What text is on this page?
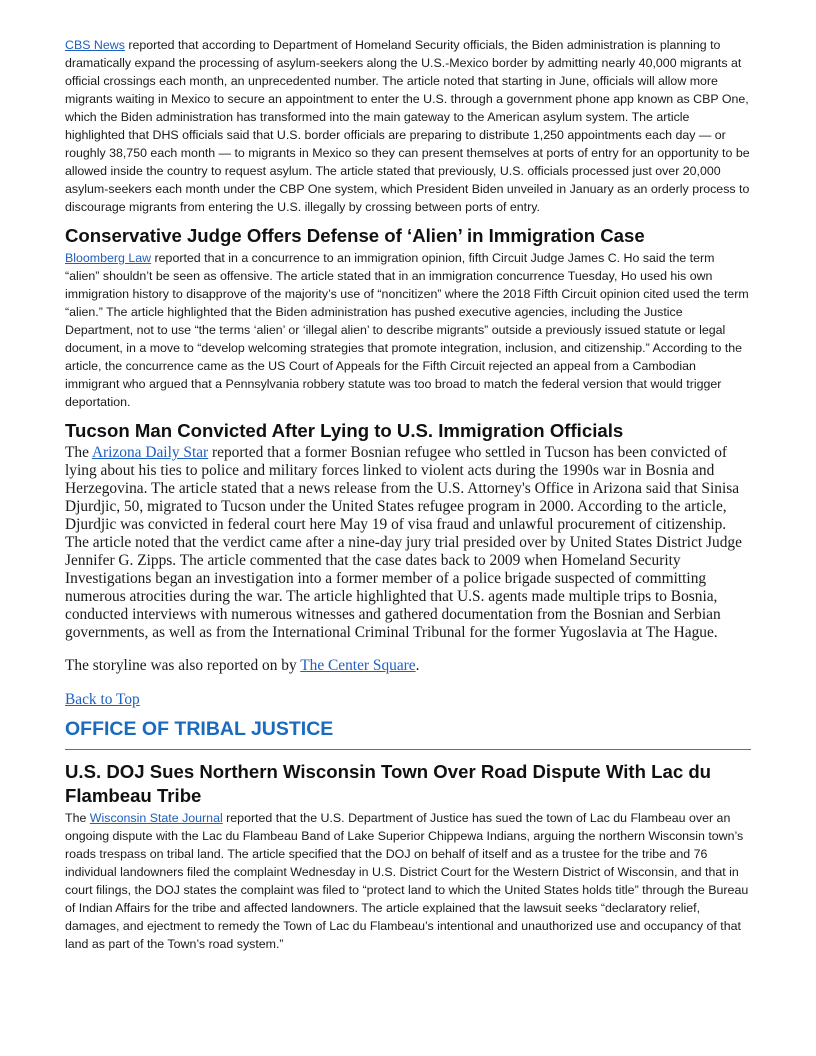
CBS News reported that according to Department of Homeland Security officials, the Biden administration is planning to dramatically expand the processing of asylum-seekers along the U.S.-Mexico border by admitting nearly 40,000 migrants at official crossings each month, an unprecedented number. The article noted that starting in June, officials will allow more migrants waiting in Mexico to secure an appointment to enter the U.S. through a government phone app known as CBP One, which the Biden administration has transformed into the main gateway to the American asylum system. The article highlighted that DHS officials said that U.S. border officials are preparing to distribute 1,250 appointments each day — or roughly 38,750 each month — to migrants in Mexico so they can present themselves at ports of entry for an opportunity to be allowed inside the country to request asylum. The article stated that previously, U.S. officials processed just over 20,000 asylum-seekers each month under the CBP One system, which President Biden unveiled in January as an orderly process to discourage migrants from entering the U.S. illegally by crossing between ports of entry.

Conservative Judge Offers Defense of ‘Alien’ in Immigration Case

Bloomberg Law reported that in a concurrence to an immigration opinion, fifth Circuit Judge James C. Ho said the term “alien” shouldn’t be seen as offensive. The article stated that in an immigration concurrence Tuesday, Ho used his own immigration history to disapprove of the majority’s use of “noncitizen” where the 2018 Fifth Circuit opinion cited used the term “alien.” The article highlighted that the Biden administration has pushed executive agencies, including the Justice Department, not to use “the terms ‘alien’ or ‘illegal alien’ to describe migrants” outside a previously issued statute or legal document, in a move to “develop welcoming strategies that promote integration, inclusion, and citizenship.” According to the article, the concurrence came as the US Court of Appeals for the Fifth Circuit rejected an appeal from a Cambodian immigrant who argued that a Pennsylvania robbery statute was too broad to match the federal version that would trigger deportation.

Tucson Man Convicted After Lying to U.S. Immigration Officials

The Arizona Daily Star reported that a former Bosnian refugee who settled in Tucson has been convicted of lying about his ties to police and military forces linked to violent acts during the 1990s war in Bosnia and Herzegovina. The article stated that a news release from the U.S. Attorney's Office in Arizona said that Sinisa Djurdjic, 50, migrated to Tucson under the United States refugee program in 2000. According to the article, Djurdjic was convicted in federal court here May 19 of visa fraud and unlawful procurement of citizenship. The article noted that the verdict came after a nine-day jury trial presided over by United States District Judge Jennifer G. Zipps. The article commented that the case dates back to 2009 when Homeland Security Investigations began an investigation into a former member of a police brigade suspected of committing numerous atrocities during the war. The article highlighted that U.S. agents made multiple trips to Bosnia, conducted interviews with numerous witnesses and gathered documentation from the Bosnian and Serbian governments, as well as from the International Criminal Tribunal for the former Yugoslavia at The Hague.

The storyline was also reported on by The Center Square.

Back to Top

OFFICE OF TRIBAL JUSTICE
U.S. DOJ Sues Northern Wisconsin Town Over Road Dispute With Lac du Flambeau Tribe

The Wisconsin State Journal reported that the U.S. Department of Justice has sued the town of Lac du Flambeau over an ongoing dispute with the Lac du Flambeau Band of Lake Superior Chippewa Indians, arguing the northern Wisconsin town’s roads trespass on tribal land. The article specified that the DOJ on behalf of itself and as a trustee for the tribe and 76 individual landowners filed the complaint Wednesday in U.S. District Court for the Western District of Wisconsin, and that in court filings, the DOJ states the complaint was filed to “protect land to which the United States holds title” through the Bureau of Indian Affairs for the tribe and affected landowners. The article explained that the lawsuit seeks “declaratory relief, damages, and ejectment to remedy the Town of Lac du Flambeau’s intentional and unauthorized use and occupancy of that land as part of the Town’s road system.”
